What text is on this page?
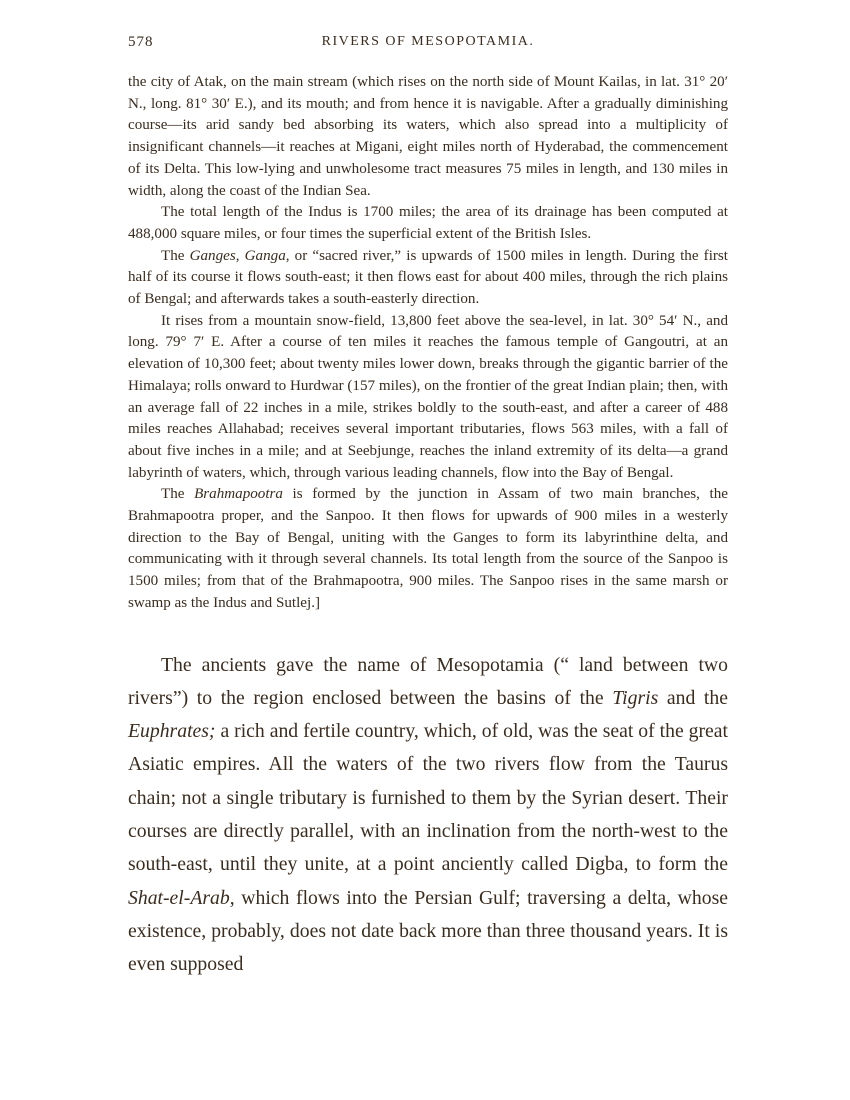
578	RIVERS OF MESOPOTAMIA.

the city of Atak, on the main stream (which rises on the north side of Mount Kailas, in lat. 31° 20′ N., long. 81° 30′ E.), and its mouth; and from hence it is navigable. After a gradually diminishing course—its arid sandy bed absorbing its waters, which also spread into a multiplicity of insignificant channels—it reaches at Migani, eight miles north of Hyderabad, the commencement of its Delta. This low-lying and unwholesome tract measures 75 miles in length, and 130 miles in width, along the coast of the Indian Sea.

The total length of the Indus is 1700 miles; the area of its drainage has been computed at 488,000 square miles, or four times the superficial extent of the British Isles.

The Ganges, Ganga, or “sacred river,” is upwards of 1500 miles in length. During the first half of its course it flows south-east; it then flows east for about 400 miles, through the rich plains of Bengal; and afterwards takes a south-easterly direction.

It rises from a mountain snow-field, 13,800 feet above the sea-level, in lat. 30° 54′ N., and long. 79° 7′ E. After a course of ten miles it reaches the famous temple of Gangoutri, at an elevation of 10,300 feet; about twenty miles lower down, breaks through the gigantic barrier of the Himalaya; rolls onward to Hurdwar (157 miles), on the frontier of the great Indian plain; then, with an average fall of 22 inches in a mile, strikes boldly to the south-east, and after a career of 488 miles reaches Allahabad; receives several important tributaries, flows 563 miles, with a fall of about five inches in a mile; and at Seebjunge, reaches the inland extremity of its delta—a grand labyrinth of waters, which, through various leading channels, flow into the Bay of Bengal.

The Brahmapootra is formed by the junction in Assam of two main branches, the Brahmapootra proper, and the Sanpoo. It then flows for upwards of 900 miles in a westerly direction to the Bay of Bengal, uniting with the Ganges to form its labyrinthine delta, and communicating with it through several channels. Its total length from the source of the Sanpoo is 1500 miles; from that of the Brahmapootra, 900 miles. The Sanpoo rises in the same marsh or swamp as the Indus and Sutlej.]

The ancients gave the name of Mesopotamia (“ land between two rivers”) to the region enclosed between the basins of the Tigris and the Euphrates; a rich and fertile country, which, of old, was the seat of the great Asiatic empires. All the waters of the two rivers flow from the Taurus chain; not a single tributary is furnished to them by the Syrian desert. Their courses are directly parallel, with an inclination from the north-west to the south-east, until they unite, at a point anciently called Digba, to form the Shat-el-Arab, which flows into the Persian Gulf; traversing a delta, whose existence, probably, does not date back more than three thousand years. It is even supposed
